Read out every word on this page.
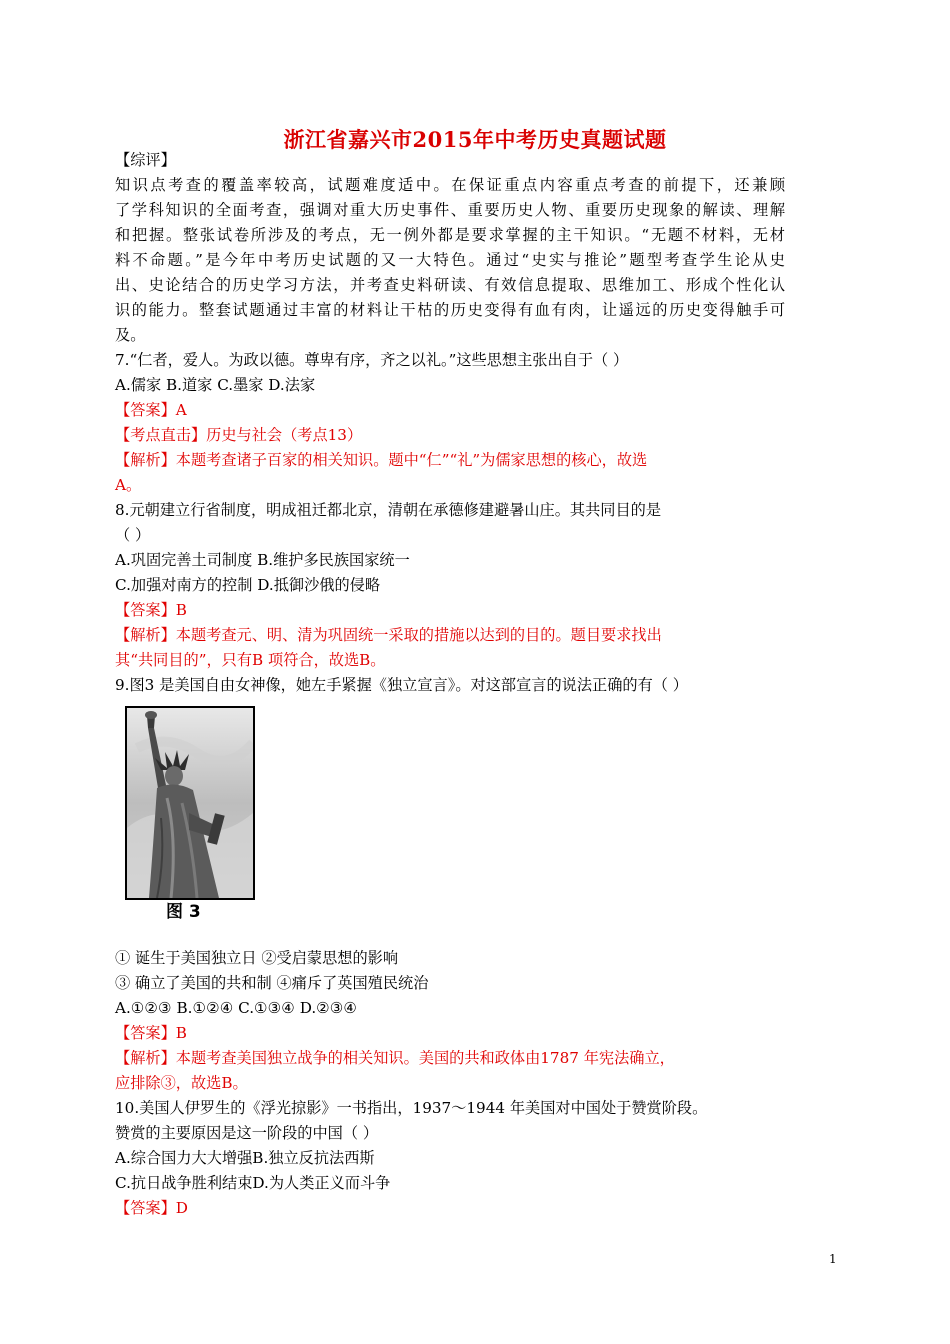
浙江省嘉兴市2015年中考历史真题试题
【综评】
知识点考查的覆盖率较高，试题难度适中。在保证重点内容重点考查的前提下，还兼顾
了学科知识的全面考查，强调对重大历史事件、重要历史人物、重要历史现象的解读、理解
和把握。整张试卷所涉及的考点，无一例外都是要求掌握的主干知识。“无题不材料，无材
料不命题。”是今年中考历史试题的又一大特色。通过“史实与推论”题型考查学生论从史
出、史论结合的历史学习方法，并考查史料研读、有效信息提取、思维加工、形成个性化认
识的能力。整套试题通过丰富的材料让干枯的历史变得有血有肉，让遥远的历史变得触手可
及。
7.“仁者，爱人。为政以德。尊卑有序，齐之以礼。”这些思想主张出自于（ ）
A.儒家 B.道家 C.墨家 D.法家
【答案】A
【考点直击】历史与社会（考点13）
【解析】本题考查诸子百家的相关知识。题中“仁”“礼”为儒家思想的核心，故选
A。
8.元朝建立行省制度，明成祖迁都北京，清朝在承德修建避暑山庄。其共同目的是
（ ）
A.巩固完善土司制度 B.维护多民族国家统一
C.加强对南方的控制 D.抵御沙俄的侵略
【答案】B
【解析】本题考查元、明、清为巩固统一采取的措施以达到的目的。题目要求找出
其“共同目的”，只有B 项符合，故选B。
9.图3 是美国自由女神像，她左手紧握《独立宣言》。对这部宣言的说法正确的有（ ）
图 3
① 诞生于美国独立日 ②受启蒙思想的影响
③ 确立了美国的共和制 ④痛斥了英国殖民统治
A.①②③ B.①②④ C.①③④ D.②③④
【答案】B
【解析】本题考查美国独立战争的相关知识。美国的共和政体由1787 年宪法确立，
应排除③，故选B。
10.美国人伊罗生的《浮光掠影》一书指出，1937～1944 年美国对中国处于赞赏阶段。
赞赏的主要原因是这一阶段的中国（ ）
A.综合国力大大增强B.独立反抗法西斯
C.抗日战争胜利结束D.为人类正义而斗争
【答案】D
1
